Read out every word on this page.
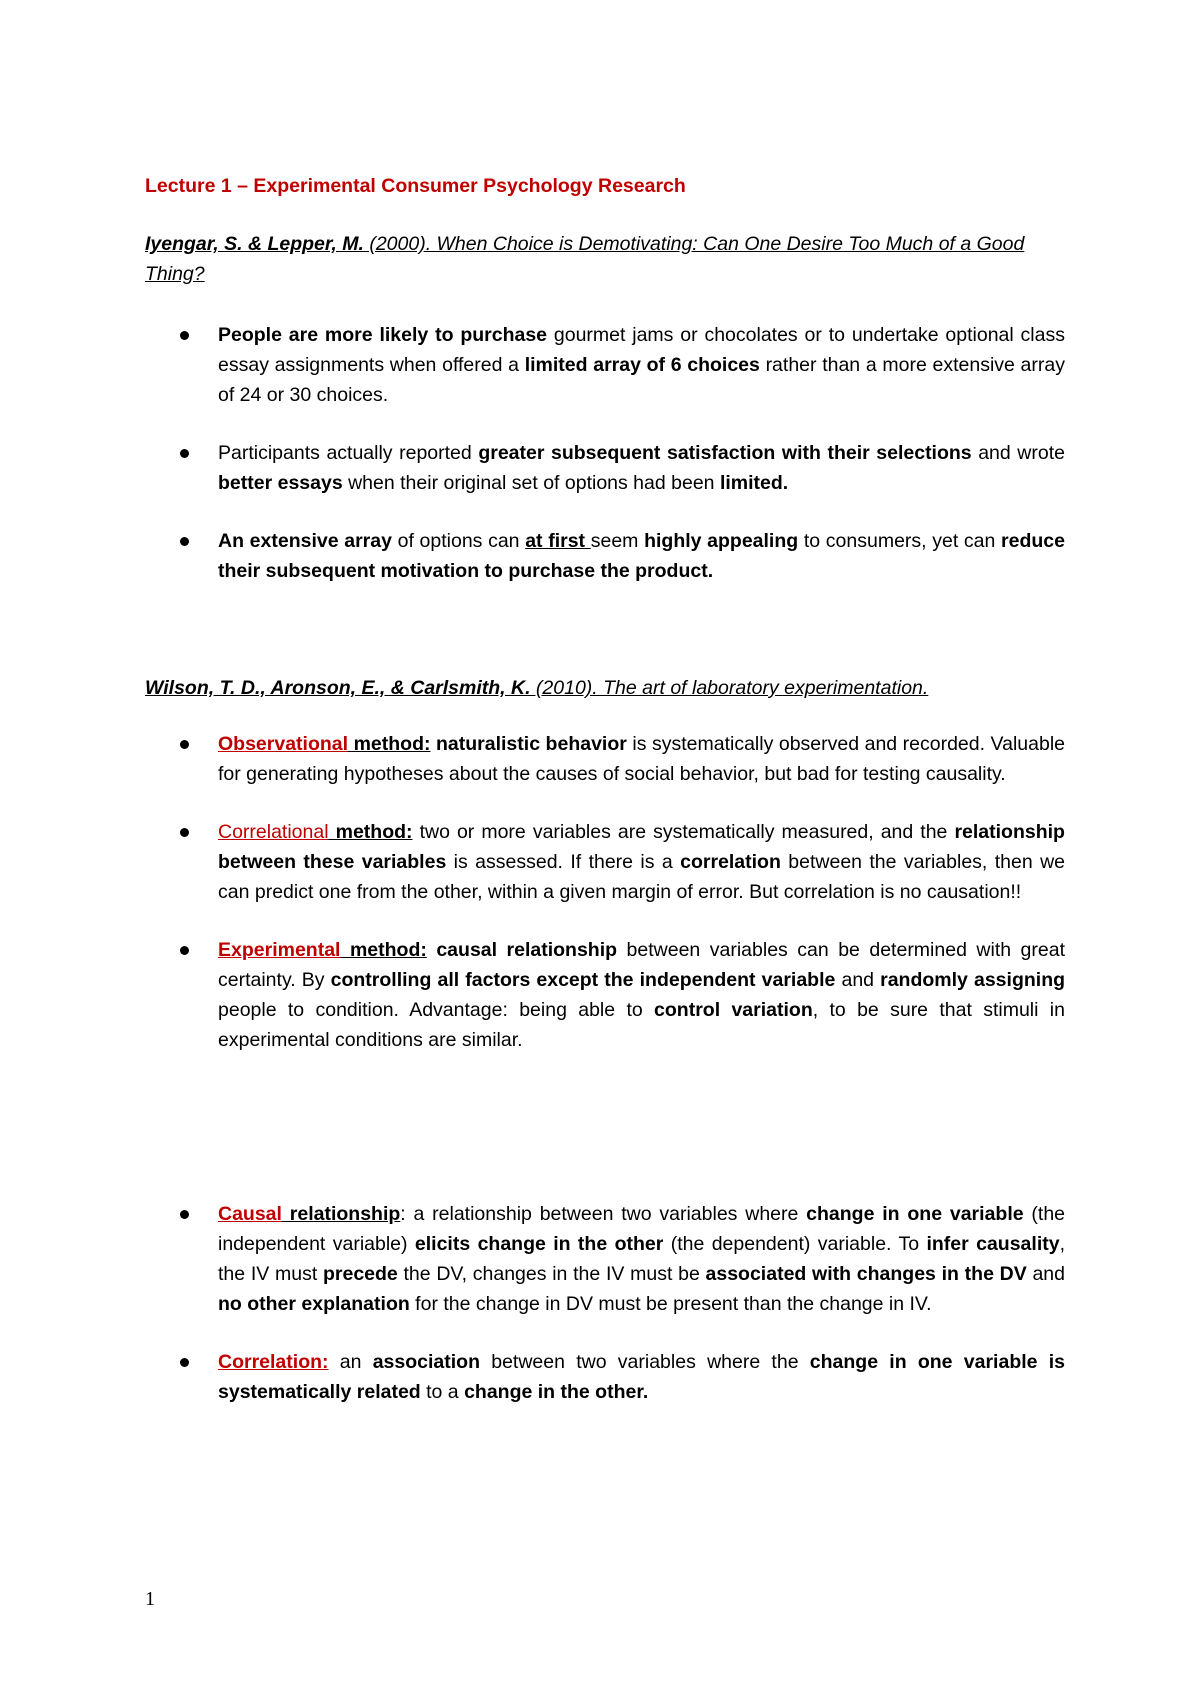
Lecture 1 – Experimental Consumer Psychology Research
Iyengar, S. & Lepper, M. (2000). When Choice is Demotivating: Can One Desire Too Much of a Good Thing?
People are more likely to purchase gourmet jams or chocolates or to undertake optional class essay assignments when offered a limited array of 6 choices rather than a more extensive array of 24 or 30 choices.
Participants actually reported greater subsequent satisfaction with their selections and wrote better essays when their original set of options had been limited.
An extensive array of options can at first seem highly appealing to consumers, yet can reduce their subsequent motivation to purchase the product.
Wilson, T. D., Aronson, E., & Carlsmith, K. (2010). The art of laboratory experimentation.
Observational method: naturalistic behavior is systematically observed and recorded. Valuable for generating hypotheses about the causes of social behavior, but bad for testing causality.
Correlational method: two or more variables are systematically measured, and the relationship between these variables is assessed. If there is a correlation between the variables, then we can predict one from the other, within a given margin of error. But correlation is no causation!!
Experimental method: causal relationship between variables can be determined with great certainty. By controlling all factors except the independent variable and randomly assigning people to condition. Advantage: being able to control variation, to be sure that stimuli in experimental conditions are similar.
Causal relationship: a relationship between two variables where change in one variable (the independent variable) elicits change in the other (the dependent) variable. To infer causality, the IV must precede the DV, changes in the IV must be associated with changes in the DV and no other explanation for the change in DV must be present than the change in IV.
Correlation: an association between two variables where the change in one variable is systematically related to a change in the other.
1
